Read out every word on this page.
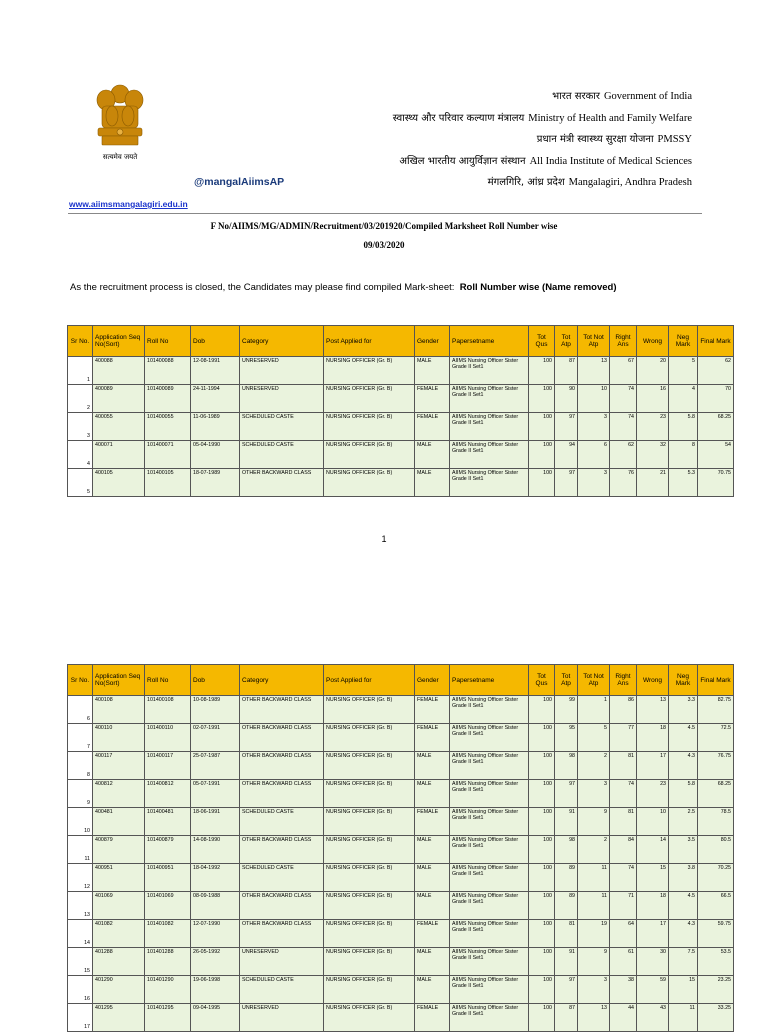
सत्यमेव जयते
भारत सरकार Government of India
स्वास्थ्य और परिवार कल्याण मंत्रालय Ministry of Health and Family Welfare
प्रधान मंत्री स्वास्थ्य सुरक्षा योजना PMSSY
अखिल भारतीय आयुर्विज्ञान संस्थान All India Institute of Medical Sciences
मंगलगिरि, आंध्र प्रदेश Mangalagiri, Andhra Pradesh
@mangalAiimsAP
www.aiimsmangalagiri.edu.in
F No/AIIMS/MG/ADMIN/Recruitment/03/201920/Compiled Marksheet Roll Number wise
09/03/2020
As the recruitment process is closed, the Candidates may please find compiled Mark-sheet: Roll Number wise (Name removed)
Sr No.	Application Seq No(Sort)	Roll No	Dob	Category	Post Applied for	Gender	Papersetname	Tot Qus	Tot Atp	Tot Not Atp	Right Ans	Wrong	Neg Mark	Final Mark
1	400088	101400088	12-08-1991	UNRESERVED	NURSING OFFICER (Gr. B)	MALE	AIIMS Nursing Officer Sister Grade II Set1	100	87	13	67	20	5	62
2	400089	101400089	24-11-1994	UNRESERVED	NURSING OFFICER (Gr. B)	FEMALE	AIIMS Nursing Officer Sister Grade II Set1	100	90	10	74	16	4	70
3	400055	101400055	11-06-1989	SCHEDULED CASTE	NURSING OFFICER (Gr. B)	FEMALE	AIIMS Nursing Officer Sister Grade II Set1	100	97	3	74	23	5.8	68.25
4	400071	101400071	05-04-1990	SCHEDULED CASTE	NURSING OFFICER (Gr. B)	MALE	AIIMS Nursing Officer Sister Grade II Set1	100	94	6	62	32	8	54
5	400105	101400105	18-07-1989	OTHER BACKWARD CLASS	NURSING OFFICER (Gr. B)	MALE	AIIMS Nursing Officer Sister Grade II Set1	100	97	3	76	21	5.3	70.75
1
Sr No.	Application Seq No(Sort)	Roll No	Dob	Category	Post Applied for	Gender	Papersetname	Tot Qus	Tot Atp	Tot Not Atp	Right Ans	Wrong	Neg Mark	Final Mark
6	400108	101400108	10-08-1989	OTHER BACKWARD CLASS	NURSING OFFICER (Gr. B)	FEMALE	AIIMS Nursing Officer Sister Grade II Set1	100	99	1	86	13	3.3	82.75
7	400110	101400110	02-07-1991	OTHER BACKWARD CLASS	NURSING OFFICER (Gr. B)	FEMALE	AIIMS Nursing Officer Sister Grade II Set1	100	95	5	77	18	4.5	72.5
8	400117	101400117	25-07-1987	OTHER BACKWARD CLASS	NURSING OFFICER (Gr. B)	MALE	AIIMS Nursing Officer Sister Grade II Set1	100	98	2	81	17	4.3	76.75
9	400812	101400812	05-07-1991	OTHER BACKWARD CLASS	NURSING OFFICER (Gr. B)	MALE	AIIMS Nursing Officer Sister Grade II Set1	100	97	3	74	23	5.8	68.25
10	400481	101400481	18-06-1991	SCHEDULED CASTE	NURSING OFFICER (Gr. B)	FEMALE	AIIMS Nursing Officer Sister Grade II Set1	100	91	9	81	10	2.5	78.5
11	400879	101400879	14-08-1990	OTHER BACKWARD CLASS	NURSING OFFICER (Gr. B)	MALE	AIIMS Nursing Officer Sister Grade II Set1	100	98	2	84	14	3.5	80.5
12	400951	101400951	18-04-1992	SCHEDULED CASTE	NURSING OFFICER (Gr. B)	MALE	AIIMS Nursing Officer Sister Grade II Set1	100	89	11	74	15	3.8	70.25
13	401069	101401069	08-09-1988	OTHER BACKWARD CLASS	NURSING OFFICER (Gr. B)	MALE	AIIMS Nursing Officer Sister Grade II Set1	100	89	11	71	18	4.5	66.5
14	401082	101401082	12-07-1990	OTHER BACKWARD CLASS	NURSING OFFICER (Gr. B)	FEMALE	AIIMS Nursing Officer Sister Grade II Set1	100	81	19	64	17	4.3	59.75
15	401288	101401288	26-05-1992	UNRESERVED	NURSING OFFICER (Gr. B)	MALE	AIIMS Nursing Officer Sister Grade II Set1	100	91	9	61	30	7.5	53.5
16	401290	101401290	19-06-1998	SCHEDULED CASTE	NURSING OFFICER (Gr. B)	MALE	AIIMS Nursing Officer Sister Grade II Set1	100	97	3	38	59	15	23.25
17	401295	101401295	09-04-1995	UNRESERVED	NURSING OFFICER (Gr. B)	FEMALE	AIIMS Nursing Officer Sister Grade II Set1	100	87	13	44	43	11	33.25
